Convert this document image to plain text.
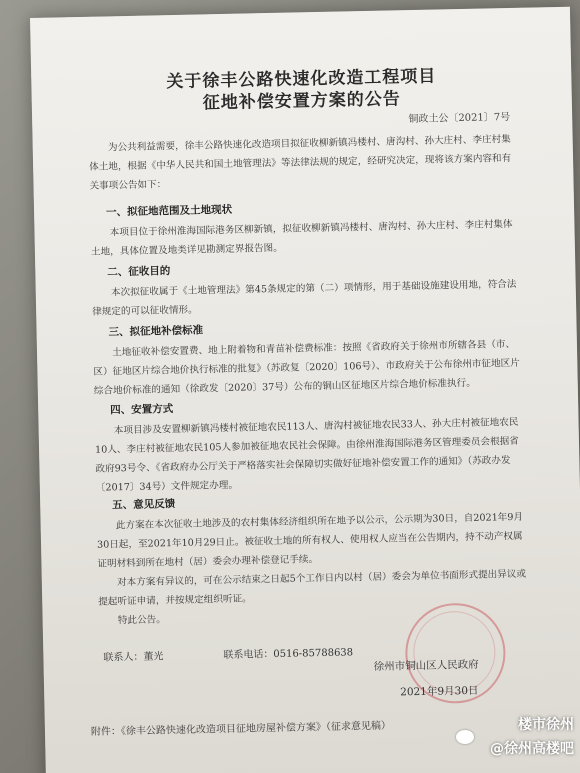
关于徐丰公路快速化改造工程项目
征地补偿安置方案的公告
铜政土公〔2021〕7号
为公共利益需要，徐丰公路快速化改造项目拟征收柳新镇冯楼村、唐沟村、孙大庄村、李庄村集体土地，根据《中华人民共和国土地管理法》等法律法规的规定，经研究决定，现将该方案内容和有关事项公告如下：
一、拟征地范围及土地现状
本项目位于徐州淮海国际港务区柳新镇，拟征收柳新镇冯楼村、唐沟村、孙大庄村、李庄村集体土地，具体位置及地类详见勘测定界报告图。
二、征收目的
本次拟征收属于《土地管理法》第45条规定的第（二）项情形，用于基础设施建设用地，符合法律规定的可以征收情形。
三、拟征地补偿标准
土地征收补偿安置费、地上附着物和青苗补偿费标准：按照《省政府关于徐州市所辖各县（市、区）征地区片综合地价执行标准的批复》（苏政复〔2020〕106号）、市政府关于公布徐州市征地区片综合地价标准的通知（徐政发〔2020〕37号）公布的铜山区征地区片综合地价标准执行。
四、安置方式
本项目涉及安置柳新镇冯楼村被征地农民113人、唐沟村被征地农民33人、孙大庄村被征地农民10人、李庄村被征地农民105人参加被征地农民社会保障。由徐州淮海国际港务区管理委员会根据省政府93号令、《省政府办公厅关于严格落实社会保障切实做好征地补偿安置工作的通知》（苏政办发〔2017〕34号）文件规定办理。
五、意见反馈
此方案在本次征收土地涉及的农村集体经济组织所在地予以公示，公示期为30日，自2021年9月30日起，至2021年10月29日止。被征收土地的所有权人、使用权人应当在公告期内，持不动产权属证明材料到所在地村（居）委会办理补偿登记手续。
对本方案有异议的，可在公示结束之日起5个工作日内以村（居）委会为单位书面形式提出异议或提起听证申请，并按规定组织听证。
特此公告。
联系人：董光	联系电话：0516-85788638
徐州市铜山区人民政府
2021年9月30日
附件：《徐丰公路快速化改造项目征地房屋补偿方案》（征求意见稿）	楼市徐州
@徐州高楼吧
